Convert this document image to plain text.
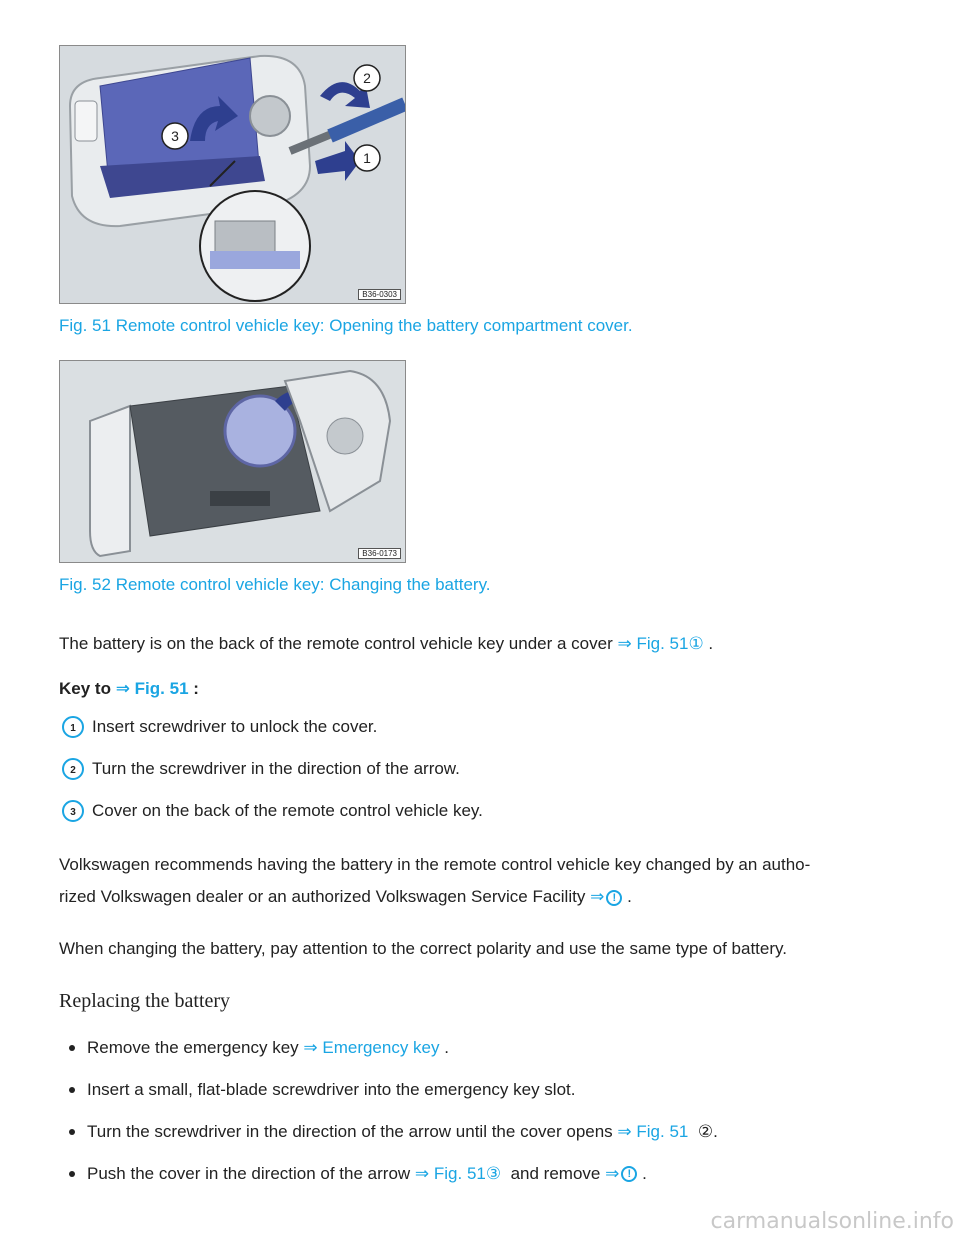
3
2
1
B36-0303
Fig. 51 Remote control vehicle key: Opening the battery compartment cover.
B36-0173
Fig. 52 Remote control vehicle key: Changing the battery.
The battery is on the back of the remote control vehicle key under a cover ⇒ Fig. 51① .
Key to ⇒ Fig. 51 :
1 Insert screwdriver to unlock the cover.
2 Turn the screwdriver in the direction of the arrow.
3 Cover on the back of the remote control vehicle key.
Volkswagen recommends having the battery in the remote control vehicle key changed by an autho-
rized Volkswagen dealer or an authorized Volkswagen Service Facility ⇒ ! .
When changing the battery, pay attention to the correct polarity and use the same type of battery.
Replacing the battery
Remove the emergency key
⇒ Emergency key
.
Insert a small, flat-blade screwdriver into the emergency key slot.
Turn the screwdriver in the direction of the arrow until the cover opens
⇒ Fig. 51
② .
Push the cover in the direction of the arrow
⇒ Fig. 51 ③
and remove
⇒ !
.
carmanualsonline.info
